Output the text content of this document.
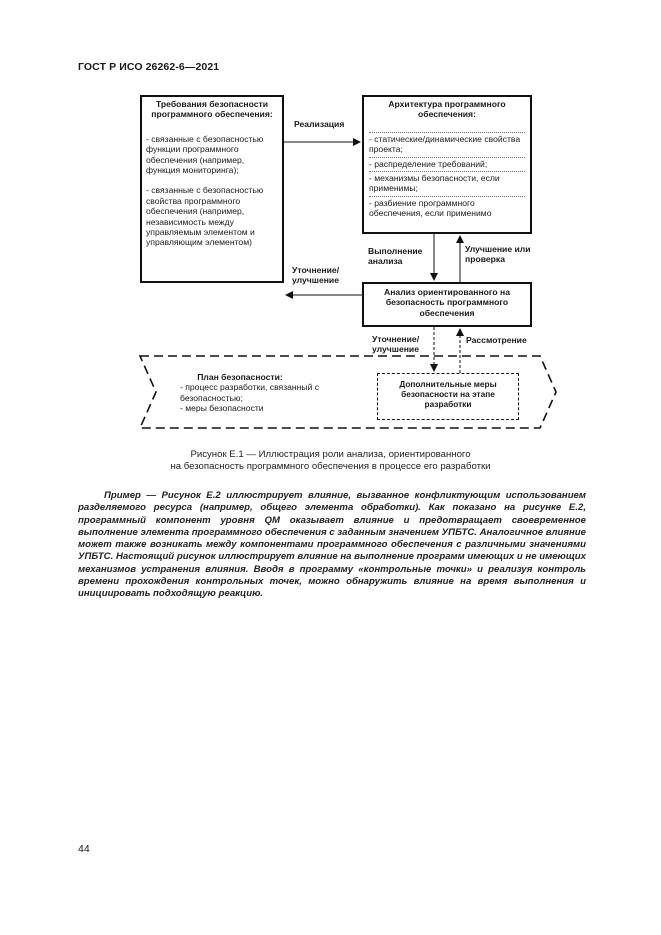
ГОСТ Р ИСО 26262-6—2021
Требования безопасности программного обеспечения:
- связанные с безопасностью функции программного обеспечения (например, функция мониторинга);
- связанные с безопасностью свойства программного обеспечения (например, независимость между управляемым элементом и управляющим элементом)
Архитектура программного обеспечения:
- статические/динамические свойства проекта;
- распределение требований;
- механизмы безопасности, если применимы;
- разбиение программного обеспечения, если применимо
Анализ ориентированного на безопасность программного обеспечения
Реализация
Выполнение анализа
Улучшение или проверка
Уточнение/ улучшение
Уточнение/ улучшение
Рассмотрение
План безопасности:
- процесс разработки, связанный с безопасностью;
- меры безопасности
Дополнительные меры безопасности на этапе разработки
Рисунок Е.1 — Иллюстрация роли анализа, ориентированного
на безопасность программного обеспечения в процессе его разработки
Пример — Рисунок Е.2 иллюстрирует влияние, вызванное конфликтующим использованием разделяемого ресурса (например, общего элемента обработки). Как показано на рисунке Е.2, программный компонент уровня QM оказывает влияние и предотвращает своевременное выполнение элемента программного обеспечения с заданным значением УПБТС. Аналогичное влияние может также возникать между компонентами программного обеспечения с различными значениями УПБТС. Настоящий рисунок иллюстрирует влияние на выполнение программ имеющих и не имеющих механизмов устранения влияния. Вводя в программу «контрольные точки» и реализуя контроль времени прохождения контрольных точек, можно обнаружить влияние на время выполнения и инициировать подходящую реакцию.
44
